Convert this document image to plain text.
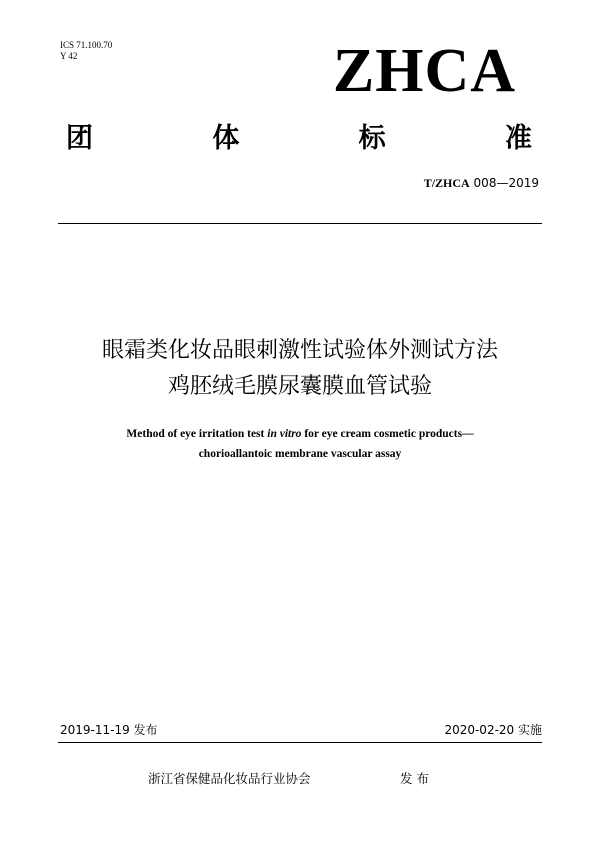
ICS 71.100.70
Y 42	ZHCA
团	体	标	准
T/ZHCA 008—2019
眼霜类化妆品眼刺激性试验体外测试方法
鸡胚绒毛膜尿囊膜血管试验
Method of eye irritation test in vitro for eye cream cosmetic products—
chorioallantoic membrane vascular assay
2019-11-19 发布	2020-02-20 实施
浙江省保健品化妆品行业协会	发 布
